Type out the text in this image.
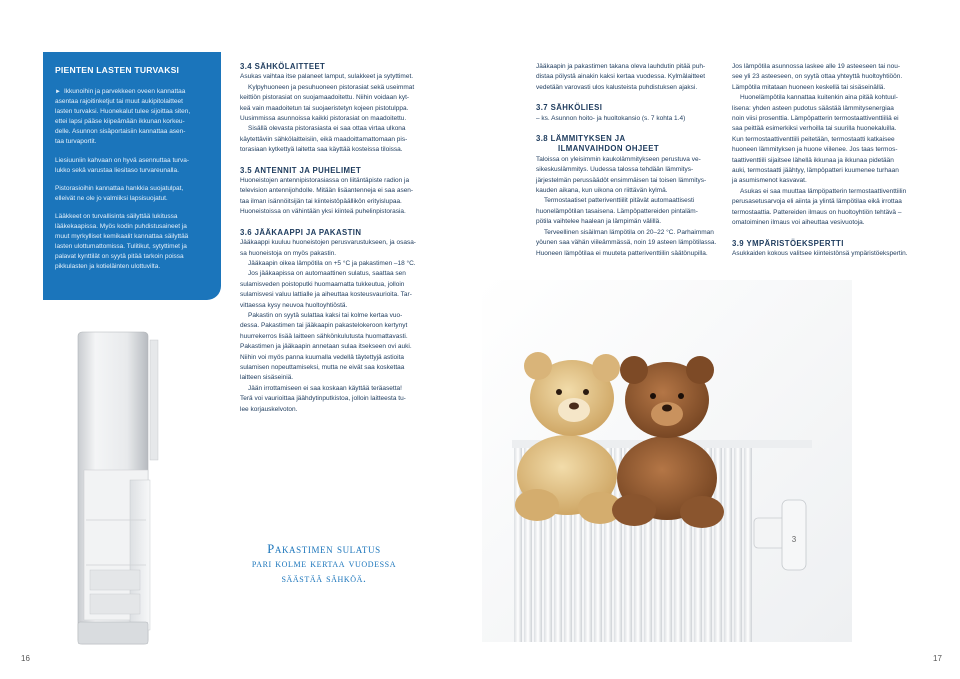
PIENTEN LASTEN TURVAKSI

► Ikkunoihin ja parvekkeen oveen kannattaa
asentaa rajoitinketjut tai muut aukipitolaitteet
lasten turvaksi. Huonekalut tulee sijoittaa siten,
ettei lapsi pääse kiipeämään ikkunan korkeu-
delle. Asunnon sisäportaisiin kannattaa asen-
taa turvaportit.

Liesiuuniin kahvaan on hyvä asennuttaa turva-
lukko sekä varustaa liesitaso turvareunalla.

Pistorasioihin kannattaa hankkia suojatulpat,
elleivät ne ole jo valmiiksi lapsisuojatut.

Lääkkeet on turvallisinta säilyttää lukitussa
lääkekaapissa. Myös kodin puhdistusaineet ja
muut myrkylliset kemikaalit kannattaa säilyttää
lasten ulottumattomissa. Tulitikut, sytyttimet ja
palavat kynttilät on syytä pitää tarkoin poissa
pikkulasten ja kotieläinten ulottuvilta.

3.4 SÄHKÖLAITTEET

Asukas vaihtaa itse palaneet lamput, sulakkeet ja sytyttimet.

Kylpyhuoneen ja pesuhuoneen pistorasiat sekä useimmat

keittiön pistorasiat on suojamaadoitettu. Niihin voidaan kyt-

keä vain maadoitetun tai suojaeristetyn kojeen pistotulppa.

Uusimmissa asunnoissa kaikki pistorasiat on maadoitettu.

Sisällä olevasta pistorasiasta ei saa ottaa virtaa ulkona

käytettäviin sähkölaitteisiin, eikä maadoittamattomaan pis-

torasiaan kytkettyä laitetta saa käyttää kosteissa tiloissa.

3.5 ANTENNIT JA PUHELIMET

Huoneistojen antennipistorasiassa on liitäntäpiste radion ja

television antennijohdolle. Mitään lisäantenneja ei saa asen-

taa ilman isännöitsijän tai kiinteistöpäällikön erityislupaa.

Huoneistoissa on vähintään yksi kiinteä puhelinpistorasia.

3.6 JÄÄKAAPPI JA PAKASTIN

Jääkaappi kuuluu huoneistojen perusvarustukseen, ja osasa-

sa huoneistoja on myös pakastin.

Jääkaapin oikea lämpötila on +5 °C ja pakastimen –18 °C.

Jos jääkaapissa on automaattinen sulatus, saattaa sen

sulamisveden poistoputki huomaamatta tukkeutua, jolloin

sulamisvesi valuu lattialle ja aiheuttaa kosteusvaurioita. Tar-

vittaessa kysy neuvoa huoltoyhtiöstä.

Pakastin on syytä sulattaa kaksi tai kolme kertaa vuo-

dessa. Pakastimen tai jääkaapin pakastelokeroon kertynyt

huurrekerros lisää laitteen sähkönkulutusta huomattavasti.

Pakastimen ja jääkaapin annetaan sulaa itsekseen ovi auki.

Niihin voi myös panna kuumalla vedellä täytettyjä astioita

sulamisen nopeuttamiseksi, mutta ne eivät saa koskettaa

laitteen sisäseiniä.

Jään irrottamiseen ei saa koskaan käyttää teräasetta!

Terä voi vaurioittaa jäähdytinputkistoa, jolloin laitteesta tu-

lee korjauskelvoton.

Pakastimen sulatus
pari kolme kertaa vuodessa
säästää sähköä.
16

Jääkaapin ja pakastimen takana oleva lauhdutin pitää puh-

distaa pölystä ainakin kaksi kertaa vuodessa. Kylmälaitteet

vedetään varovasti ulos kalusteista puhdistuksen ajaksi.

3.7 SÄHKÖLIESI

– ks. Asunnon hoito- ja huoltokansio (s. 7 kohta 1.4)

3.8 LÄMMITYKSEN JA
ILMANVAIHDON OHJEET

Taloissa on yleisimmin kaukolämmitykseen perustuva ve-

sikeskuslämmitys. Uudessa talossa tehdään lämmitys-

järjestelmän perussäädöt ensimmäisen tai toisen lämmitys-

kauden aikana, kun uikona on riittävän kylmä.

Termostaatiset patteriventtiilit pitävät automaattisesti

huonelämpötilan tasaisena. Lämpöpattereiden pintaläm-

pötila vaihtelee haalean ja lämpimän välillä.

Terveellinen sisäilman lämpötila on 20–22 °C. Parhaimman

yöunen saa vähän viileämmässä, noin 19 asteen lämpötilassa.

Huoneen lämpötilaa ei muuteta patteriventtiilin säätönupilla.

Jos lämpötila asunnossa laskee alle 19 asteeseen tai nou-

see yli 23 asteeseen, on syytä ottaa yhteyttä huoltoyhtiöön.

Lämpötila mitataan huoneen keskellä tai sisäseinällä.

Huonelämpötila kannattaa kuitenkin aina pitää kohtuul-

lisena: yhden asteen pudotus säästää lämmitysenergiaa

noin viisi prosenttia. Lämpöpatterin termostaattiventtiiliä ei

saa peittää esimerkiksi verhoilla tai suurilla huonekaluilla.

Kun termostaattiventtiili peitetään, termostaatti katkaisee

huoneen lämmityksen ja huone viilenee. Jos taas termos-

taattiventtiili sijaitsee lähellä ikkunaa ja ikkunaa pidetään

auki, termostaatti jäähtyy, lämpöpatteri kuumenee turhaan

ja asumismenot kasvavat.

Asukas ei saa muuttaa lämpöpatterin termostaattiventtiilin

perusasetusarvoja eli aiinta ja ylintä lämpötilaa eikä irrottaa

termostaattia. Pattereiden ilmaus on huoltoyhtiön tehtävä –

omatoiminen ilmaus voi aiheuttaa vesivuotoja.

3.9 YMPÄRISTÖEKSPERTTI

Asukkaiden kokous valitsee kiinteistönsä ympäristöekspertin.

17
3
